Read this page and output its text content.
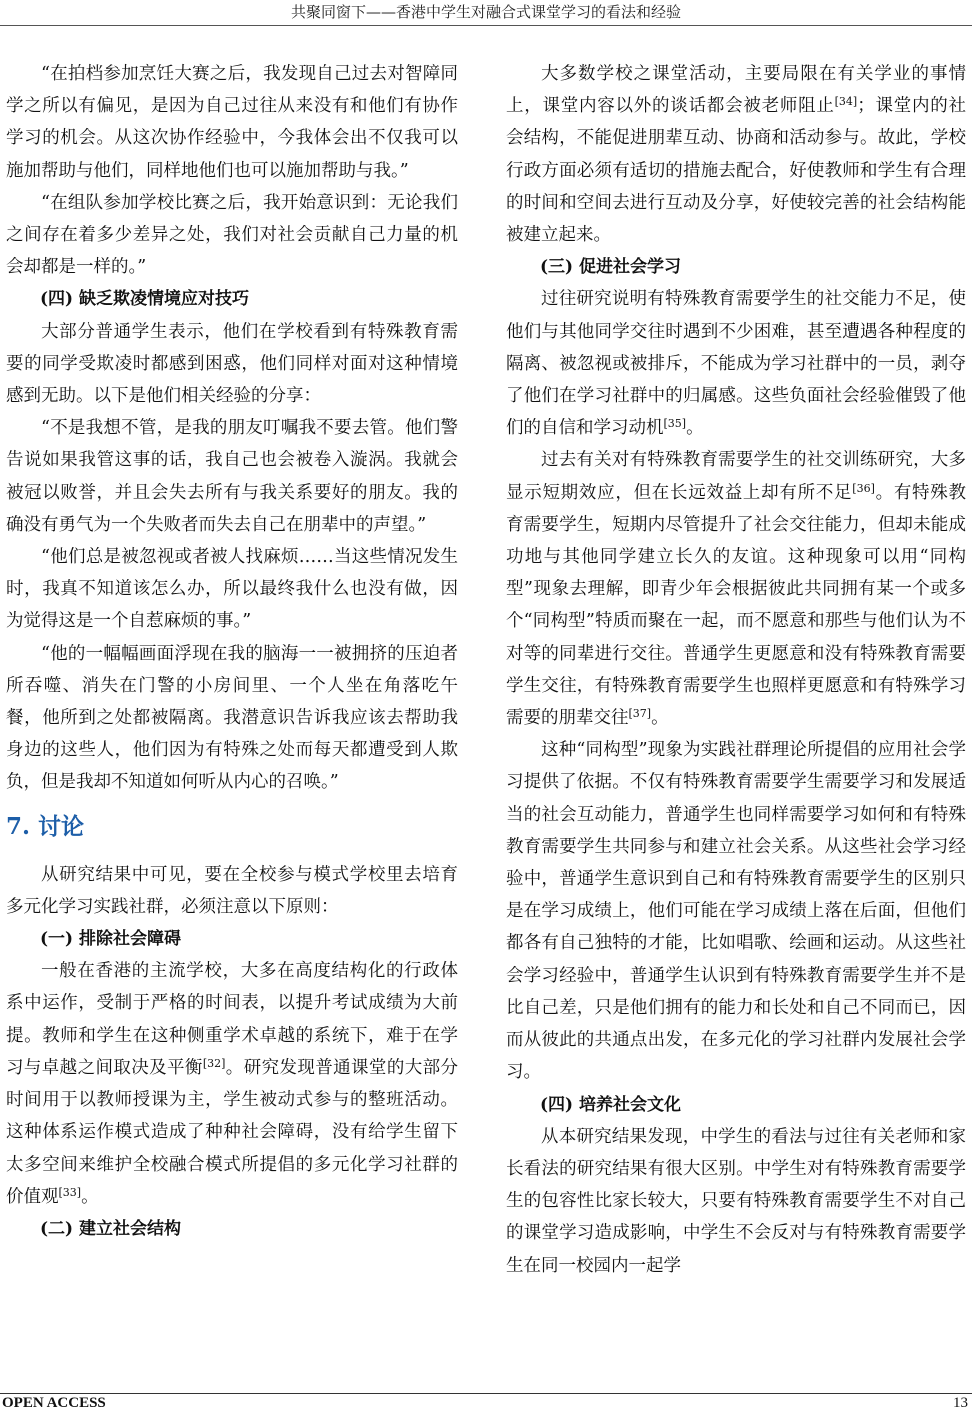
共聚同窗下——香港中学生对融合式课堂学习的看法和经验

“在拍档参加烹饪大赛之后，我发现自己过去对智障同学之所以有偏见，是因为自己过往从来没有和他们有协作学习的机会。从这次协作经验中，今我体会出不仅我可以施加帮助与他们，同样地他们也可以施加帮助与我。”

“在组队参加学校比赛之后，我开始意识到：无论我们之间存在着多少差异之处，我们对社会贡献自己力量的机会却都是一样的。”

(四) 缺乏欺凌情境应对技巧

大部分普通学生表示，他们在学校看到有特殊教育需要的同学受欺凌时都感到困惑，他们同样对面对这种情境感到无助。以下是他们相关经验的分享：

“不是我想不管，是我的朋友叮嘱我不要去管。他们警告说如果我管这事的话，我自己也会被卷入漩涡。我就会被冠以败誉，并且会失去所有与我关系要好的朋友。我的确没有勇气为一个失败者而失去自己在朋辈中的声望。”

“他们总是被忽视或者被人找麻烦……当这些情况发生时，我真不知道该怎么办，所以最终我什么也没有做，因为觉得这是一个自惹麻烦的事。”

“他的一幅幅画面浮现在我的脑海一一被拥挤的压迫者所吞噬、消失在门警的小房间里、一个人坐在角落吃午餐，他所到之处都被隔离。我潜意识告诉我应该去帮助我身边的这些人，他们因为有特殊之处而每天都遭受到人欺负，但是我却不知道如何听从内心的召唤。”

7. 讨论

从研究结果中可见，要在全校参与模式学校里去培育多元化学习实践社群，必须注意以下原则：

(一) 排除社会障碍

一般在香港的主流学校，大多在高度结构化的行政体系中运作，受制于严格的时间表，以提升考试成绩为大前提。教师和学生在这种侧重学术卓越的系统下，难于在学习与卓越之间取决及平衡[32]。研究发现普通课堂的大部分时间用于以教师授课为主，学生被动式参与的整班活动。这种体系运作模式造成了种种社会障碍，没有给学生留下太多空间来维护全校融合模式所提倡的多元化学习社群的价值观[33]。

(二) 建立社会结构

大多数学校之课堂活动，主要局限在有关学业的事情上，课堂内容以外的谈话都会被老师阻止[34]；课堂内的社会结构，不能促进朋辈互动、协商和活动参与。故此，学校行政方面必须有适切的措施去配合，好使教师和学生有合理的时间和空间去进行互动及分享，好使较完善的社会结构能被建立起来。

(三) 促进社会学习

过往研究说明有特殊教育需要学生的社交能力不足，使他们与其他同学交往时遇到不少困难，甚至遭遇各种程度的隔离、被忽视或被排斥，不能成为学习社群中的一员，剥夺了他们在学习社群中的归属感。这些负面社会经验催毁了他们的自信和学习动机[35]。

过去有关对有特殊教育需要学生的社交训练研究，大多显示短期效应，但在长远效益上却有所不足[36]。有特殊教育需要学生，短期内尽管提升了社会交往能力，但却未能成功地与其他同学建立长久的友谊。这种现象可以用“同构型”现象去理解，即青少年会根据彼此共同拥有某一个或多个“同构型”特质而聚在一起，而不愿意和那些与他们认为不对等的同辈进行交往。普通学生更愿意和没有特殊教育需要学生交往，有特殊教育需要学生也照样更愿意和有特殊学习需要的朋辈交往[37]。

这种“同构型”现象为实践社群理论所提倡的应用社会学习提供了依据。不仅有特殊教育需要学生需要学习和发展适当的社会互动能力，普通学生也同样需要学习如何和有特殊教育需要学生共同参与和建立社会关系。从这些社会学习经验中，普通学生意识到自己和有特殊教育需要学生的区别只是在学习成绩上，他们可能在学习成绩上落在后面，但他们都各有自己独特的才能，比如唱歌、绘画和运动。从这些社会学习经验中，普通学生认识到有特殊教育需要学生并不是比自己差，只是他们拥有的能力和长处和自己不同而已，因而从彼此的共通点出发，在多元化的学习社群内发展社会学习。

(四) 培养社会文化

从本研究结果发现，中学生的看法与过往有关老师和家长看法的研究结果有很大区别。中学生对有特殊教育需要学生的包容性比家长较大，只要有特殊教育需要学生不对自己的课堂学习造成影响，中学生不会反对与有特殊教育需要学生在同一校园内一起学

OPEN ACCESS	13
